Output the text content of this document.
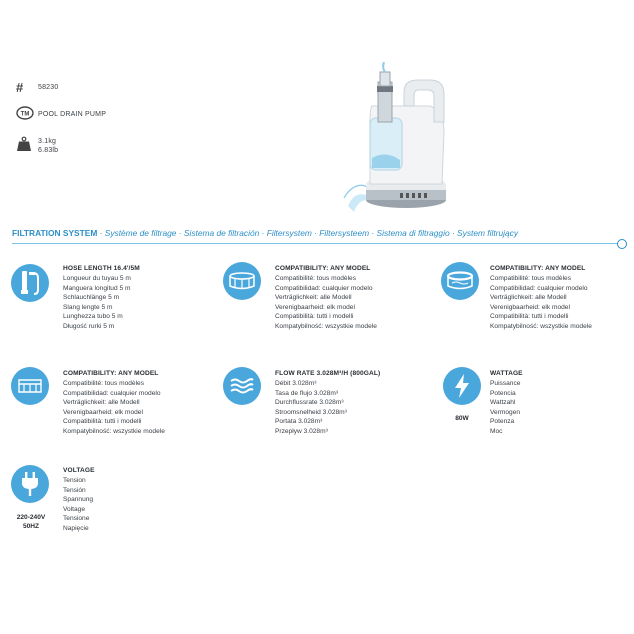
#	58230
TM POOL DRAIN PUMP
3.1kg
6.83lb
FILTRATION SYSTEM · Système de filtrage · Sistema de filtración · Filtersystem · Filtersysteem · Sistema di filtraggio · System filtrujący
HOSE LENGTH 16.4'/5M
Longueur du tuyau 5 m
Manguera longitud 5 m
Schlauchlänge 5 m
Slang lengte 5 m
Lunghezza tubo 5 m
Długość rurki 5 m
COMPATIBILITY: ANY MODEL
Compatibilité: tous modèles
Compatibilidad: cualquier modelo
Verträglichkeit: alle Modell
Verenigbaarheid: elk model
Compatibilità: tutti i modelli
Kompatybilność: wszystkie modele
COMPATIBILITY: ANY MODEL
Compatibilité: tous modèles
Compatibilidad: cualquier modelo
Verträglichkeit: alle Modell
Verenigbaarheid: elk model
Compatibilità: tutti i modelli
Kompatybilność: wszystkie modele
COMPATIBILITY: ANY MODEL
Compatibilité: tous modèles
Compatibilidad: cualquier modelo
Verträglichkeit: alle Modell
Verenigbaarheid: elk model
Compatibilità: tutti i modelli
Kompatybilność: wszystkie modele
FLOW RATE 3.028M³/H (800GAL)
Débit 3.028m³
Tasa de flujo 3.028m³
Durchflussrate 3.028m³
Stroomsnelheid 3.028m³
Portata 3.028m³
Przepływ 3.028m³
80W
WATTAGE
Puissance
Potencia
Wattzahl
Vermogen
Potenza
Moc
220-240V
50HZ
VOLTAGE
Tension
Tensión
Spannung
Voltage
Tensione
Napięcie
